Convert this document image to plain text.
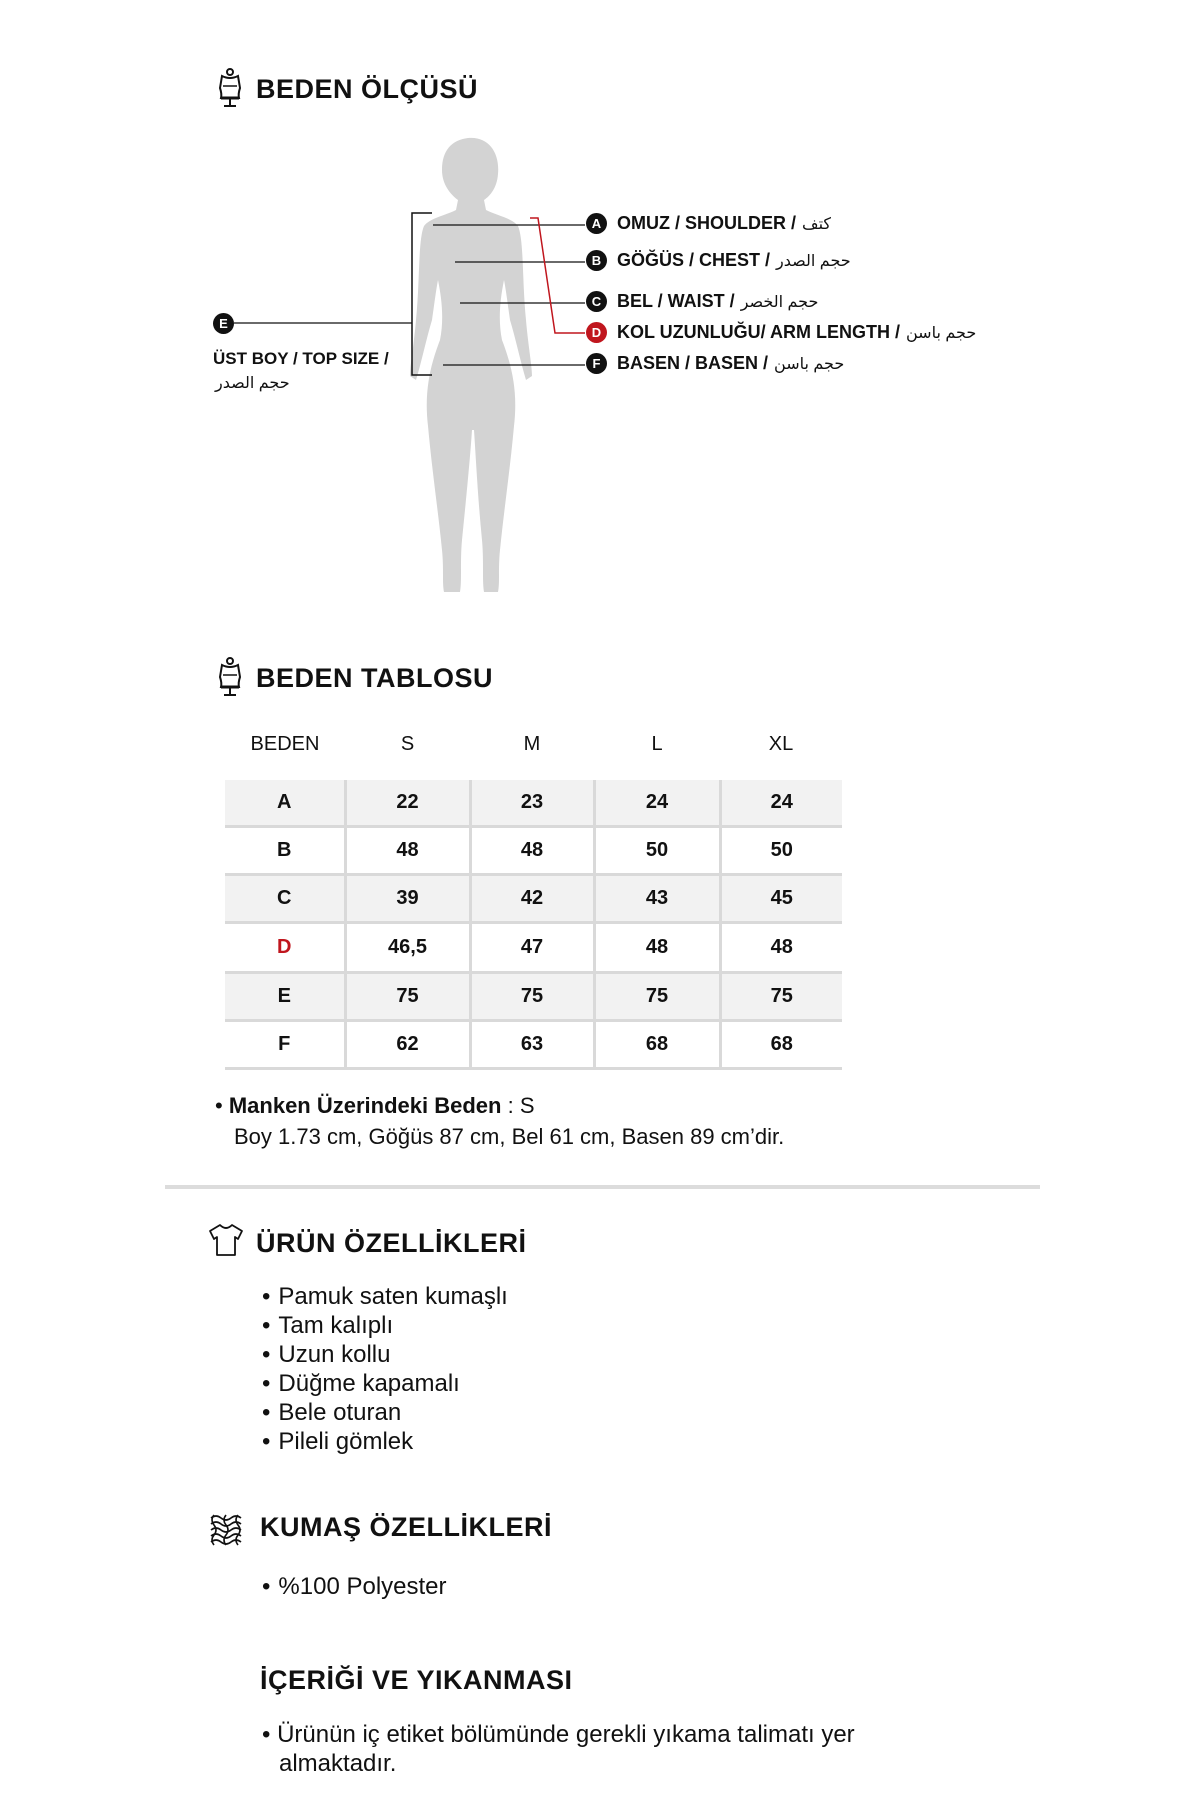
BEDEN ÖLÇÜSÜ
A OMUZ / SHOULDER / كتف
B GÖĞÜS / CHEST / حجم الصدر
C BEL / WAIST / حجم الخصر
D KOL UZUNLUĞU/ ARM LENGTH / حجم باسن
F BASEN / BASEN / حجم باسن
E
ÜST BOY / TOP SIZE /
حجم الصدر
BEDEN TABLOSU
BEDEN	S	M	L	XL

A	22	23	24	24
B	48	48	50	50
C	39	42	43	45
D	46,5	47	48	48
E	75	75	75	75
F	62	63	68	68
• Manken Üzerindeki Beden : S
Boy 1.73 cm, Göğüs 87 cm, Bel 61 cm, Basen 89 cm’dir.
ÜRÜN ÖZELLİKLERİ
• Pamuk saten kumaşlı
• Tam kalıplı
• Uzun kollu
• Düğme kapamalı
• Bele oturan
• Pileli gömlek
KUMAŞ ÖZELLİKLERİ
• %100 Polyester
İÇERİĞİ VE YIKANMASI
• Ürünün iç etiket bölümünde gerekli yıkama talimatı yer
almaktadır.
